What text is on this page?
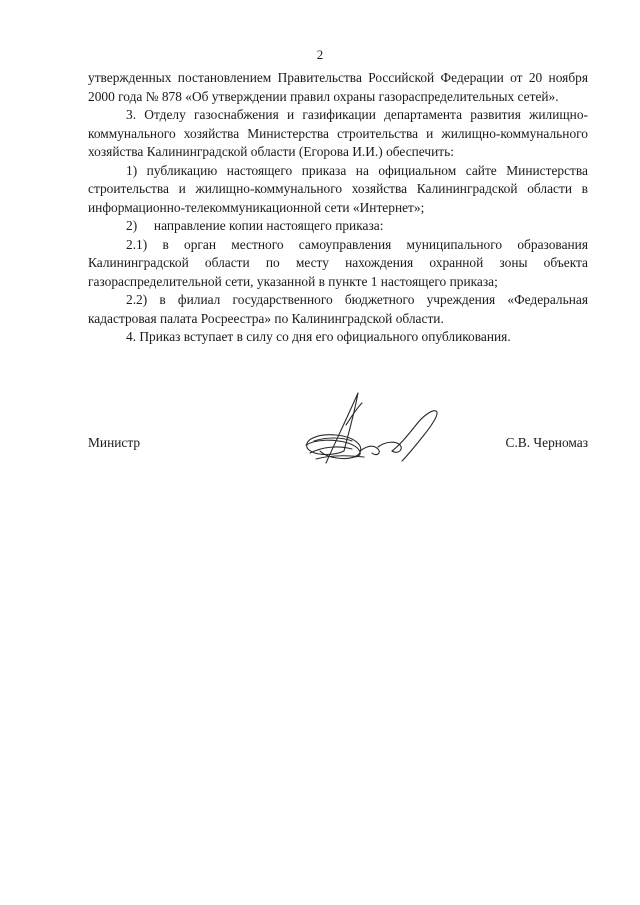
2

утвержденных постановлением Правительства Российской Федерации от 20 ноября 2000 года № 878 «Об утверждении правил охраны газораспределительных сетей».

3. Отделу газоснабжения и газификации департамента развития жилищно-коммунального хозяйства Министерства строительства и жилищно-коммунального хозяйства Калининградской области (Егорова И.И.) обеспечить:

1) публикацию настоящего приказа на официальном сайте Министерства строительства и жилищно-коммунального хозяйства Калининградской области в информационно-телекоммуникационной сети «Интернет»;

2) направление копии настоящего приказа:

2.1) в орган местного самоуправления муниципального образования Калининградской области по месту нахождения охранной зоны объекта газораспределительной сети, указанной в пункте 1 настоящего приказа;

2.2) в филиал государственного бюджетного учреждения «Федеральная кадастровая палата Росреестра» по Калининградской области.

4. Приказ вступает в силу со дня его официального опубликования.

Министр	С.В. Черномаз
